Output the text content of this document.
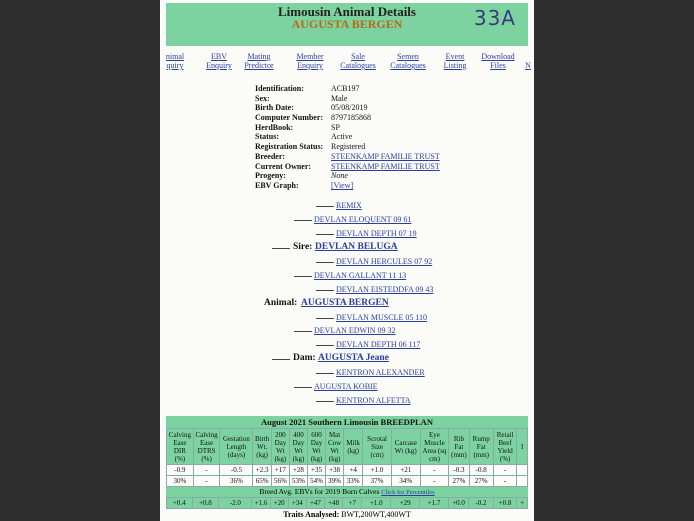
Limousin Animal Details
AUGUSTA BERGEN	33A
nimal
quiry
EBV
Enquiry
Mating
Predictor
Member
Enquiry
Sale
Catalogues
Semen
Catalogues
Event
Listing
Download
Files	N
Identification:	ACB197
Sex:	Male
Birth Date:	05/08/2019
Computer Number: 8797185868
HerdBook:	SP
Status:	Active
Registration Status: Registered
Breeder:	STEENKAMP FAMILIE TRUST
Current Owner: STEENKAMP FAMILIE TRUST
Progeny:	None
EBV Graph:	[View]
REMIX
DEVLAN ELOQUENT 09 61
DEVLAN DEPTH 07 19
Sire: DEVLAN BELUGA
DEVLAN HERCULES 07 92
DEVLAN GALLANT 11 13
DEVLAN EISTEDDFA 09 43
Animal: AUGUSTA BERGEN
DEVLAN MUSCLE 05 110
DEVLAN EDWIN 09 32
DEVLAN DEPTH 06 117
Dam: AUGUSTA Jeane
KENTRON ALEXANDER
AUGUSTA KOBIE
KENTRON ALFETTA
August 2021 Southern Limousin BREEDPLAN
Calving Ease DIR (%)	Calving Ease DTRS (%)	Gestation Length (days)	Birth Wt. (kg)	200 Day Wt (kg)	400 Day Wt (kg)	600 Day Wt (kg)	Mat Cow Wt (kg)	Milk (kg)	Scrotal Size (cm)	Carcase Wt (kg)	Eye Muscle Area (sq cm)	Rib Fat (mm)	Rump Fat (mm)	Retail Beef Yield (%)	I
-0.9	-	-0.5	+2.3	+17	+28	+35	+38	+4	+1.0	+21	-	-0.3	-0.8	-	
30%	-	36%	65%	56%	53%	54%	39%	33%	37%	34%	-	27%	27%	-	
Breed Avg. EBVs for 2019 Born Calves Click for Percentiles
+0.4	+0.8	-2.0	+1.6	+20	+34	+47	+48	+7	+1.0	+29	+1.7	+0.0	-0.2	+0.8	+
Traits Analysed: BWT,200WT,400WT
